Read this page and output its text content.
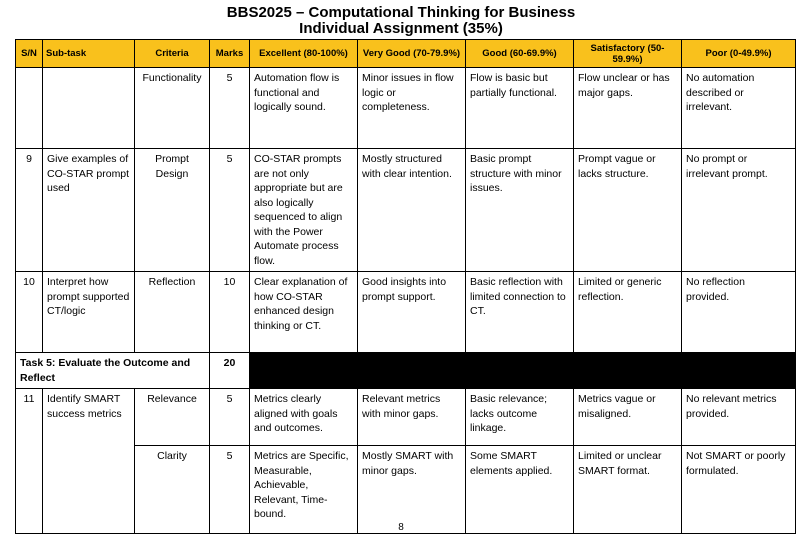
BBS2025 – Computational Thinking for Business
Individual Assignment (35%)
S/N	Sub-task	Criteria	Marks	Excellent (80-100%)	Very Good (70-79.9%)	Good (60-69.9%)	Satisfactory (50-59.9%)	Poor (0-49.9%)
		Functionality	5	Automation flow is functional and logically sound.	Minor issues in flow logic or completeness.	Flow is basic but partially functional.	Flow unclear or has major gaps.	No automation described or irrelevant.
9	Give examples of CO-STAR prompt used	Prompt Design	5	CO-STAR prompts are not only appropriate but are also logically sequenced to align with the Power Automate process flow.	Mostly structured with clear intention.	Basic prompt structure with minor issues.	Prompt vague or lacks structure.	No prompt or irrelevant prompt.
10	Interpret how prompt supported CT/logic	Reflection	10	Clear explanation of how CO-STAR enhanced design thinking or CT.	Good insights into prompt support.	Basic reflection with limited connection to CT.	Limited or generic reflection.	No reflection provided.
Task 5: Evaluate the Outcome and Reflect			20					
11	Identify SMART success metrics	Relevance	5	Metrics clearly aligned with goals and outcomes.	Relevant metrics with minor gaps.	Basic relevance; lacks outcome linkage.	Metrics vague or misaligned.	No relevant metrics provided.
		Clarity	5	Metrics are Specific, Measurable, Achievable, Relevant, Time-bound.	Mostly SMART with minor gaps.	Some SMART elements applied.	Limited or unclear SMART format.	Not SMART or poorly formulated.
8
